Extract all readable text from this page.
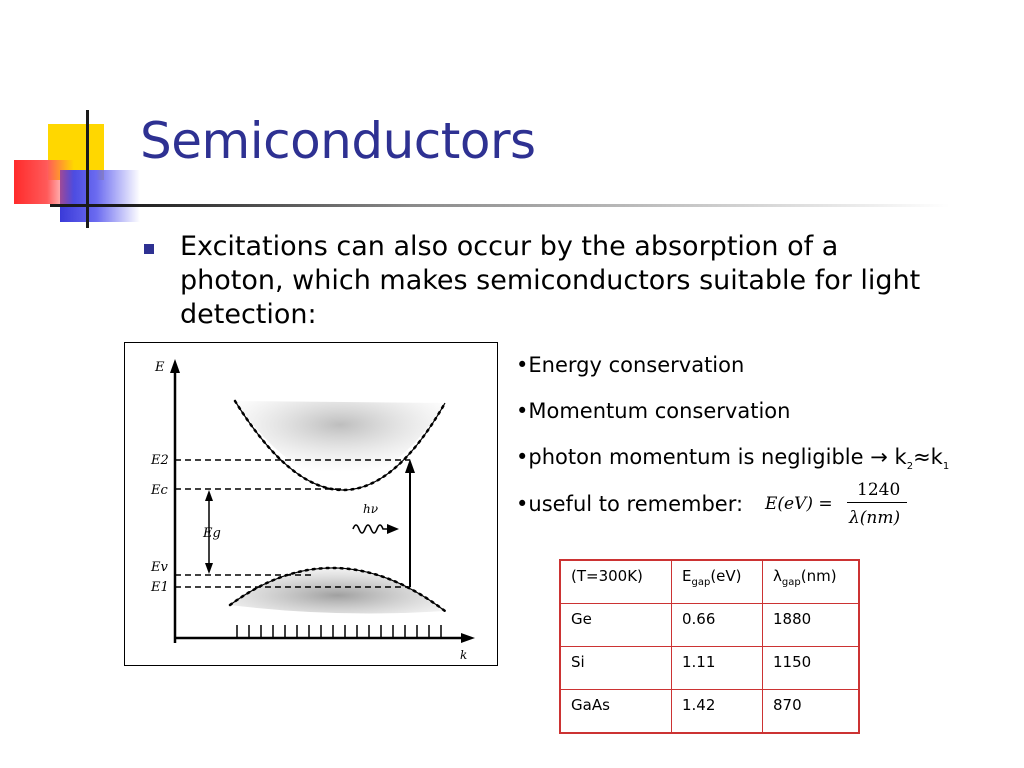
Semiconductors
Excitations can also occur by the absorption of a photon, which makes semiconductors suitable for light detection:
E
E2
Ec
Eg
Ev
E1
hν
k
•Energy conservation
•Momentum conservation
•photon momentum is negligible → $k_2\approx k_1$
•useful to remember: E(eV) =
1240
λ(nm)
(T=300K)	$E_{gap}(eV)$	$\lambda_{gap}(nm)$
Ge	0.66	1880
Si	1.11	1150
GaAs	1.42	870
